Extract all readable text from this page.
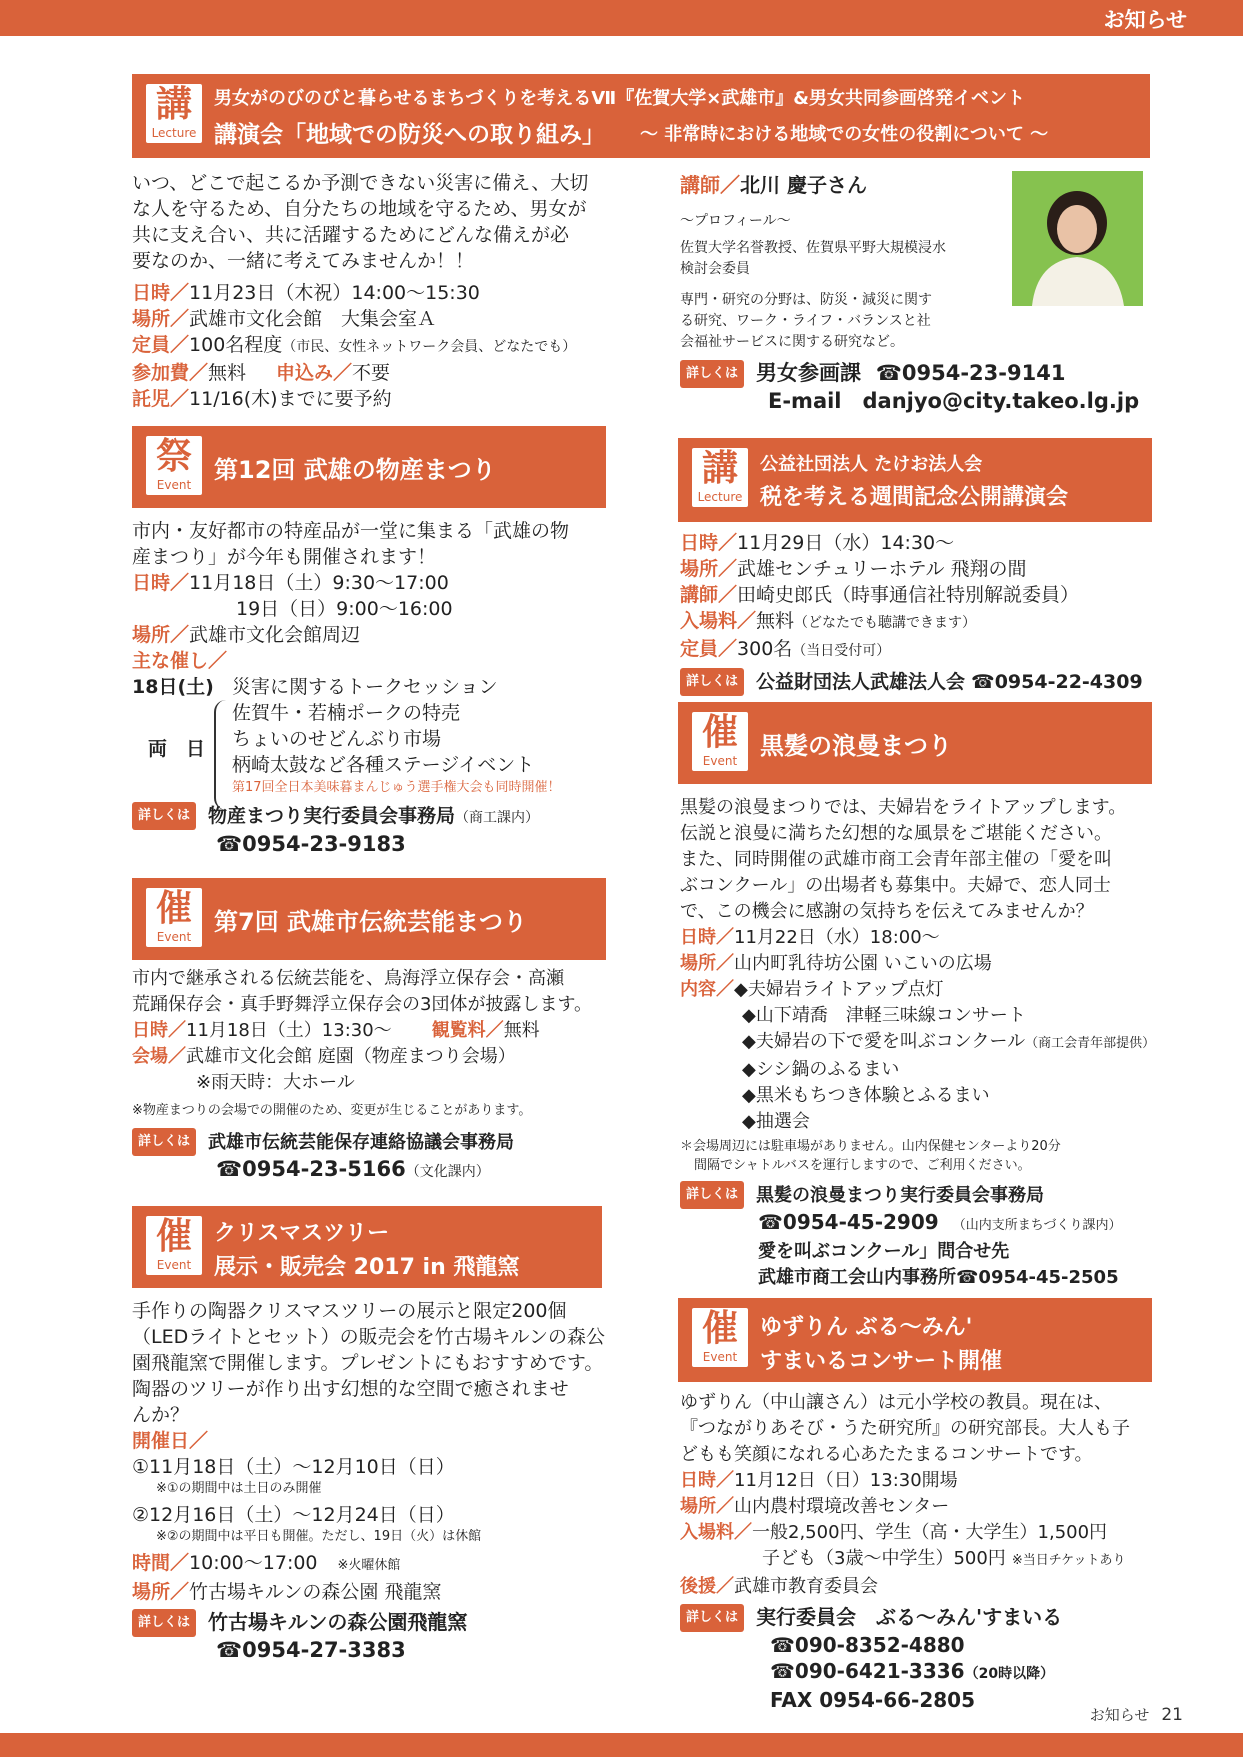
お知らせ
講
Lecture
男女がのびのびと暮らせるまちづくりを考えるⅦ『佐賀大学×武雄市』&男女共同参画啓発イベント
講演会「地域での防災への取り組み」 ～ 非常時における地域での女性の役割について ～

いつ、どこで起こるか予測できない災害に備え、大切

な人を守るため、自分たちの地域を守るため、男女が

共に支え合い、共に活躍するためにどんな備えが必

要なのか、一緒に考えてみませんか！！

日時／11月23日（木祝）14:00～15:30

場所／武雄市文化会館　大集会室Ａ

定員／100名程度（市民、女性ネットワーク会員、どなたでも）

参加費／無料 申込み／不要

託児／11/16(木)までに要予約

講師／北川 慶子さん

～プロフィール～

佐賀大学名誉教授、佐賀県平野大規模浸水

検討会委員

専門・研究の分野は、防災・減災に関す

る研究、ワーク・ライフ・バランスと社

会福祉サービスに関する研究など。

詳しくは 男女参画課 ☎0954-23-9141

E-mail　danjyo@city.takeo.lg.jp

祭
Event
第12回 武雄の物産まつり

市内・友好都市の特産品が一堂に集まる「武雄の物

産まつり」が今年も開催されます！

日時／11月18日（土）9:30～17:00

19日（日）9:00～16:00

場所／武雄市文化会館周辺

主な催し／

18日(土) 災害に関するトークセッション

両　日

佐賀牛・若楠ポークの特売

ちょいのせどんぶり市場

柄崎太鼓など各種ステージイベント

第17回全日本美味暮まんじゅう選手権大会も同時開催！

詳しくは 物産まつり実行委員会事務局（商工課内）

☎0954-23-9183

催
Event
第7回 武雄市伝統芸能まつり

市内で継承される伝統芸能を、鳥海浮立保存会・高瀬

荒踊保存会・真手野舞浮立保存会の3団体が披露します。

日時／11月18日（土）13:30～ 観覧料／無料

会場／武雄市文化会館 庭園（物産まつり会場）

※雨天時：大ホール

※物産まつりの会場での開催のため、変更が生じることがあります。

詳しくは 武雄市伝統芸能保存連絡協議会事務局

☎0954-23-5166（文化課内）

催
Event
クリスマスツリー
展示・販売会 2017 in 飛龍窯

手作りの陶器クリスマスツリーの展示と限定200個

（LEDライトとセット）の販売会を竹古場キルンの森公

園飛龍窯で開催します。プレゼントにもおすすめです。

陶器のツリーが作り出す幻想的な空間で癒されませ

んか？

開催日／

①11月18日（土）～12月10日（日）

※①の期間中は土日のみ開催

②12月16日（土）～12月24日（日）

※②の期間中は平日も開催。ただし、19日（火）は休館

時間／10:00～17:00 ※火曜休館

場所／竹古場キルンの森公園 飛龍窯

詳しくは 竹古場キルンの森公園飛龍窯

☎0954-27-3383

講
Lecture
公益社団法人 たけお法人会
税を考える週間記念公開講演会

日時／11月29日（水）14:30～

場所／武雄センチュリーホテル 飛翔の間

講師／田崎史郎氏（時事通信社特別解説委員）

入場料／無料（どなたでも聴講できます）

定員／300名（当日受付可）

詳しくは 公益財団法人武雄法人会 ☎0954-22-4309

催
Event
黒髪の浪曼まつり

黒髪の浪曼まつりでは、夫婦岩をライトアップします。

伝説と浪曼に満ちた幻想的な風景をご堪能ください。

また、同時開催の武雄市商工会青年部主催の「愛を叫

ぶコンクール」の出場者も募集中。夫婦で、恋人同士

で、この機会に感謝の気持ちを伝えてみませんか？

日時／11月22日（水）18:00～

場所／山内町乳待坊公園 いこいの広場

内容／◆夫婦岩ライトアップ点灯

◆山下靖喬　津軽三味線コンサート

◆夫婦岩の下で愛を叫ぶコンクール（商工会青年部提供）

◆シシ鍋のふるまい

◆黒米もちつき体験とふるまい

◆抽選会

＊会場周辺には駐車場がありません。山内保健センターより20分

間隔でシャトルバスを運行しますので、ご利用ください。

詳しくは 黒髪の浪曼まつり実行委員会事務局

☎0954-45-2909 （山内支所まちづくり課内）

愛を叫ぶコンクール」問合せ先

武雄市商工会山内事務所☎0954-45-2505

催
Event
ゆずりん ぶる～みん'
すまいるコンサート開催

ゆずりん（中山讓さん）は元小学校の教員。現在は、

『つながりあそび・うた研究所』の研究部長。大人も子

どもも笑顔になれる心あたたまるコンサートです。

日時／11月12日（日）13:30開場

場所／山内農村環境改善センター

入場料／一般2,500円、学生（高・大学生）1,500円

子ども（3歳～中学生）500円 ※当日チケットあり

後援／武雄市教育委員会

詳しくは 実行委員会　ぶる～みん'すまいる

☎090-8352-4880

☎090-6421-3336（20時以降）

FAX 0954-66-2805

お知らせ 21
